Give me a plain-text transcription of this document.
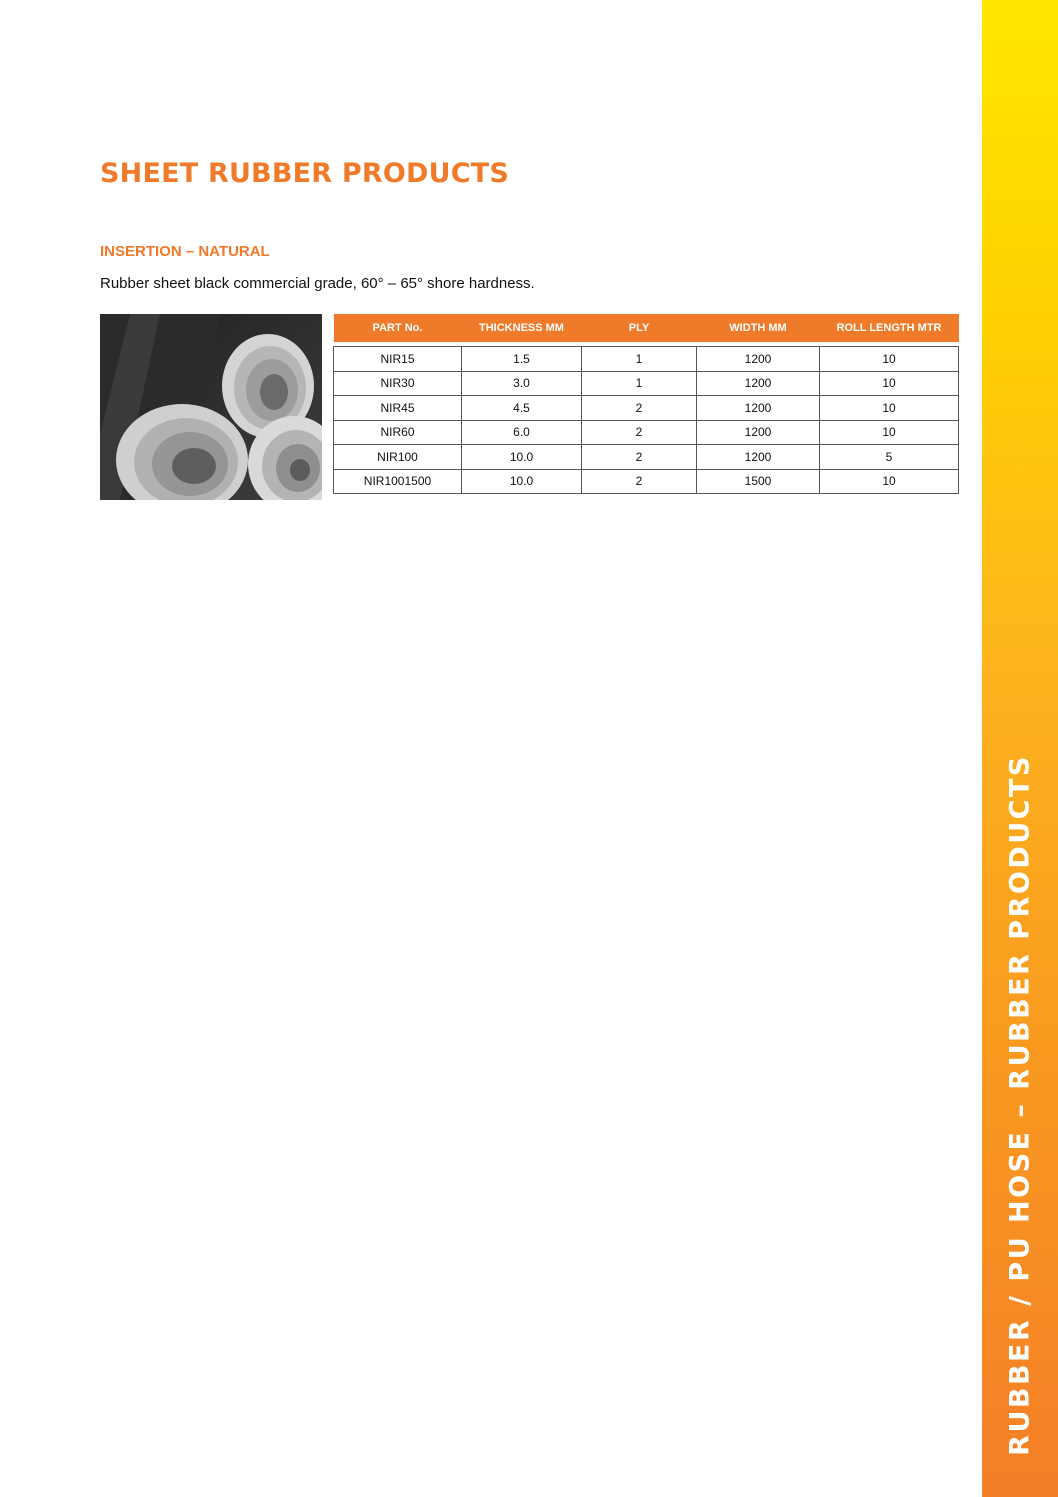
SHEET RUBBER PRODUCTS
INSERTION – NATURAL

Rubber sheet black commercial grade, 60° – 65° shore hardness.

PART No.	THICKNESS MM	PLY	WIDTH MM	ROLL LENGTH MTR

NIR15	1.5	1	1200	10
NIR30	3.0	1	1200	10
NIR45	4.5	2	1200	10
NIR60	6.0	2	1200	10
NIR100	10.0	2	1200	5
NIR1001500	10.0	2	1500	10
RUBBER / PU HOSE – RUBBER PRODUCTS
